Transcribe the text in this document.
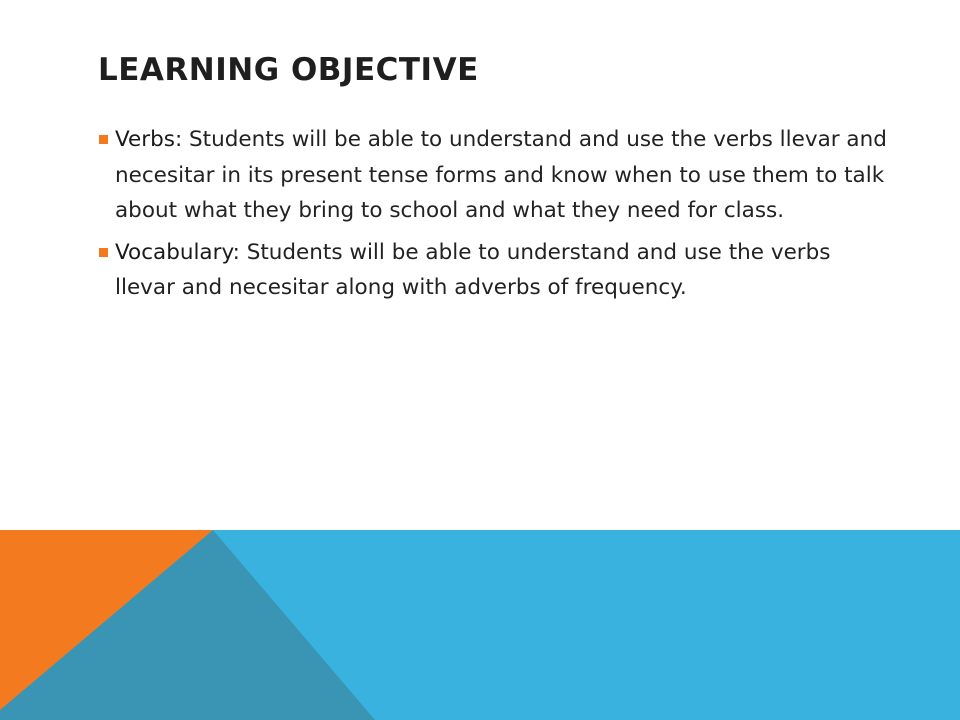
LEARNING OBJECTIVE
Verbs: Students will be able to understand and use the verbs llevar and necesitar in its present tense forms and know when to use them to talk about what they bring to school and what they need for class.
Vocabulary: Students will be able to understand and use the verbs llevar and necesitar along with adverbs of frequency.
